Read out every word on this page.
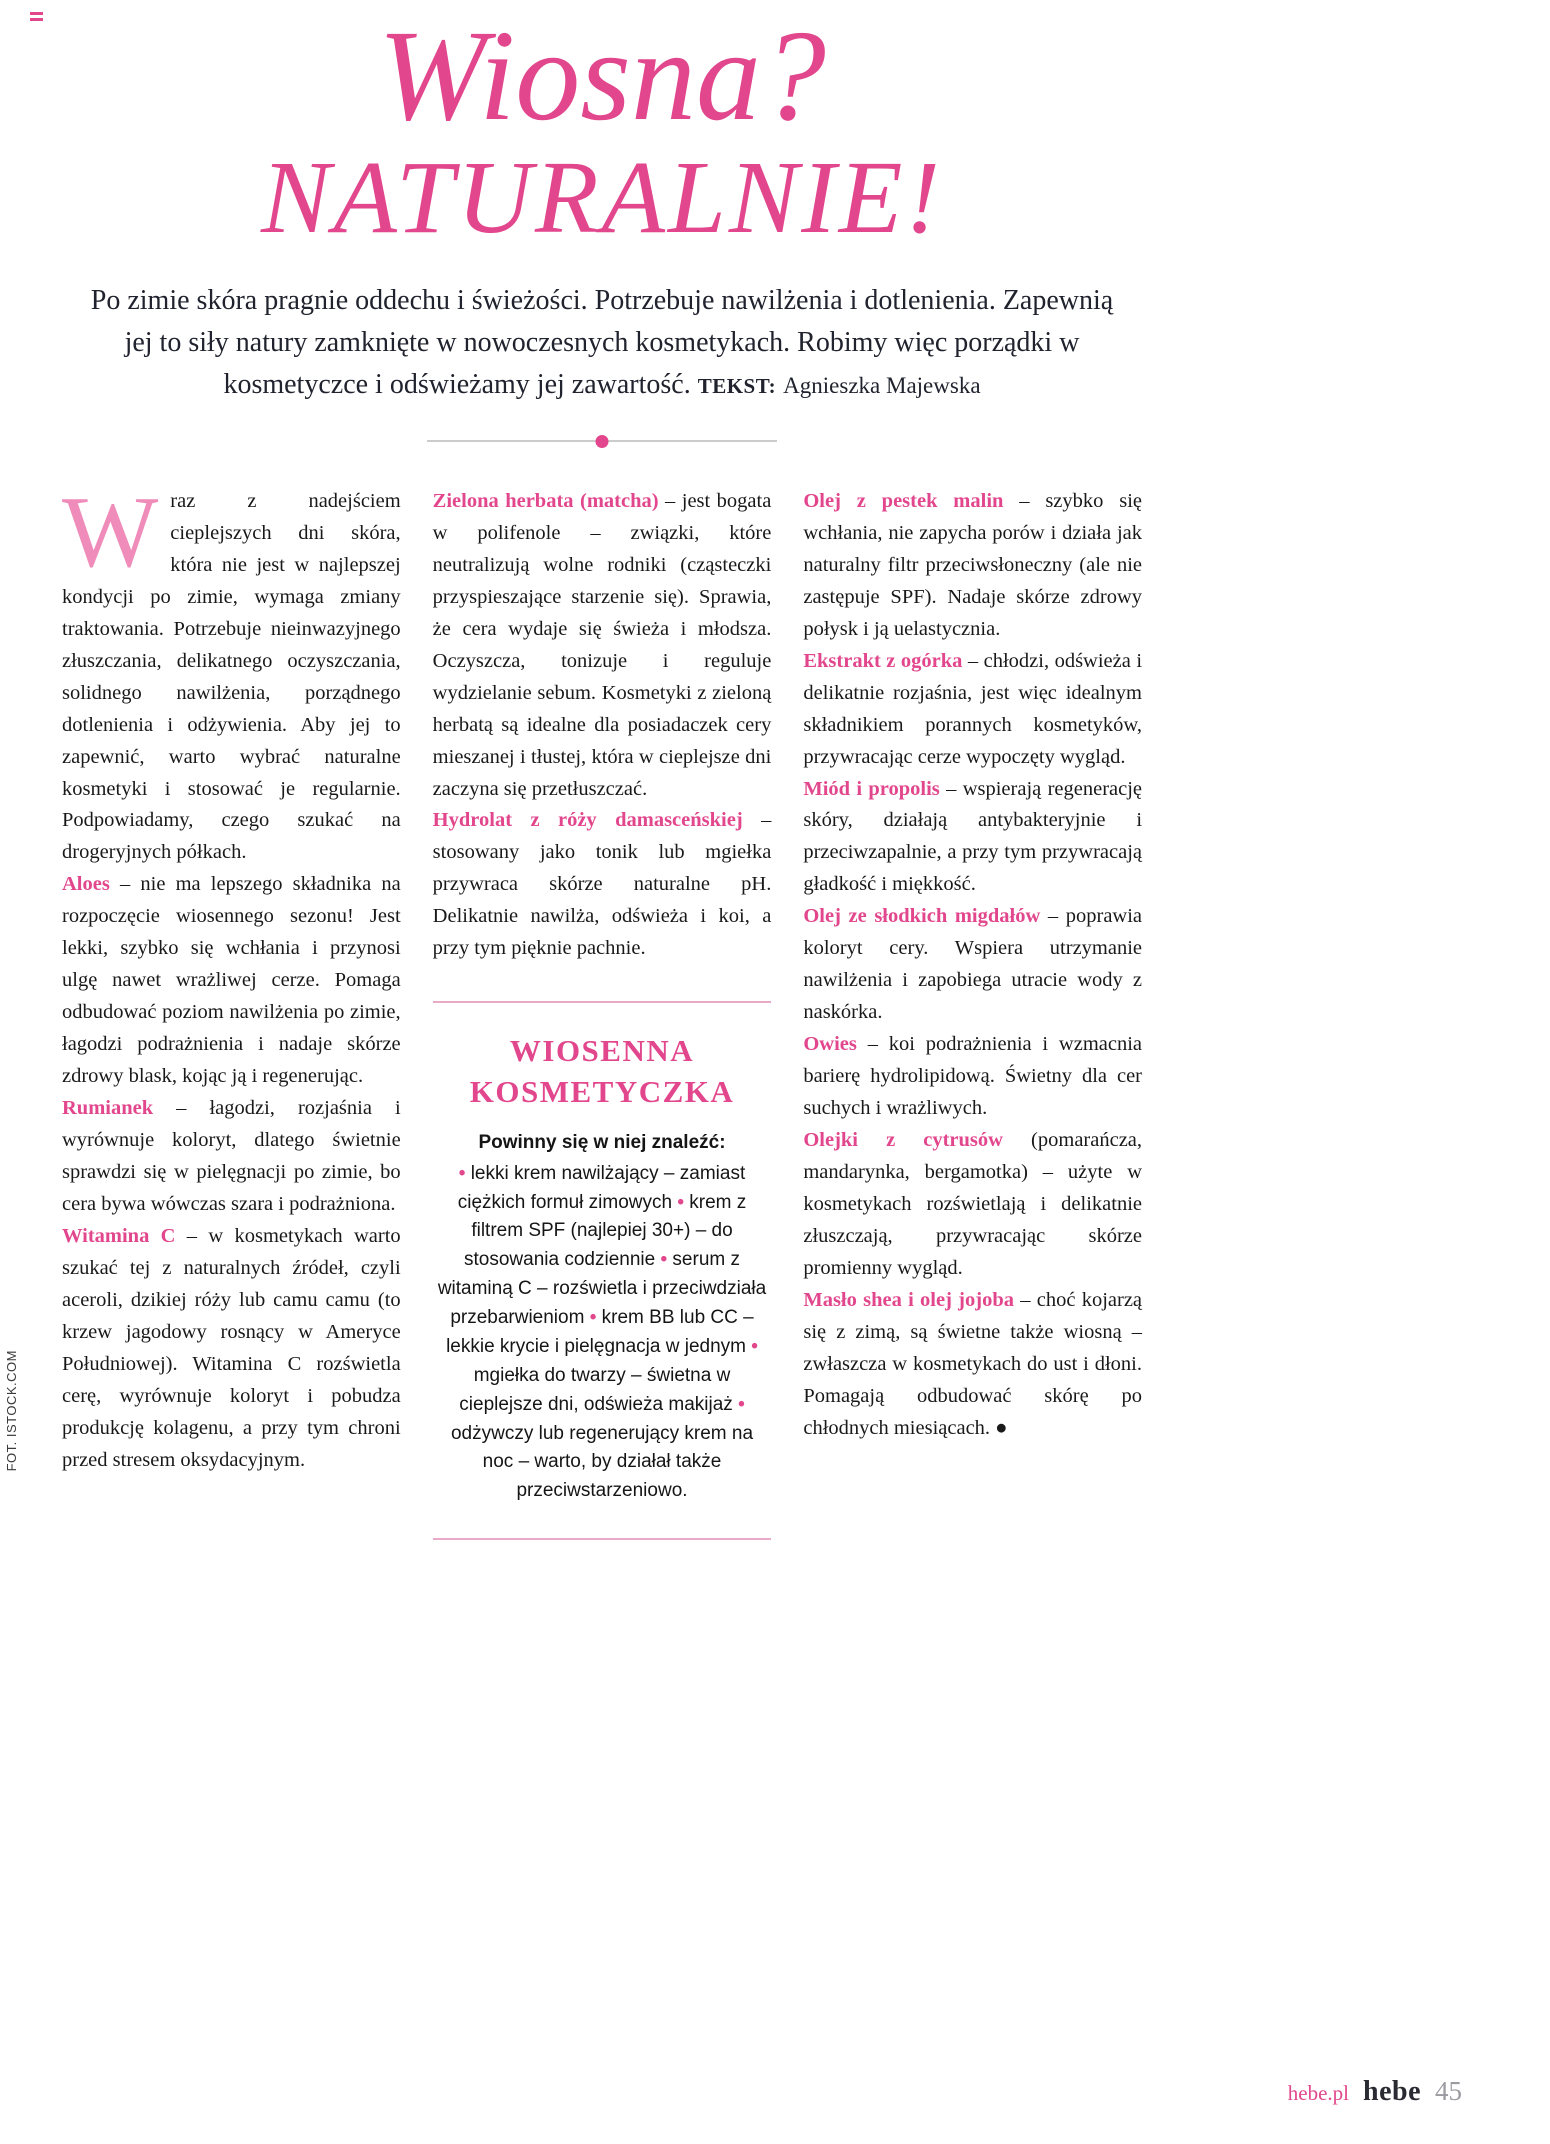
Wiosna?
NATURALNIE!

Po zimie skóra pragnie oddechu i świeżości. Potrzebuje nawilżenia i dotlenienia. Zapewnią jej to siły natury zamknięte w nowoczesnych kosmetykach. Robimy więc porządki w kosmetyczce i odświeżamy jej zawartość. TEKST: Agnieszka Majewska

Wraz z nadejściem cieplejszych dni skóra, która nie jest w najlepszej kondycji po zimie, wymaga zmiany traktowania. Potrzebuje nieinwazyjnego złuszczania, delikatnego oczyszczania, solidnego nawilżenia, porządnego dotlenienia i odżywienia. Aby jej to zapewnić, warto wybrać naturalne kosmetyki i stosować je regularnie. Podpowiadamy, czego szukać na drogeryjnych półkach.

Aloes – nie ma lepszego składnika na rozpoczęcie wiosennego sezonu! Jest lekki, szybko się wchłania i przynosi ulgę nawet wrażliwej cerze. Pomaga odbudować poziom nawilżenia po zimie, łagodzi podrażnienia i nadaje skórze zdrowy blask, kojąc ją i regenerując.

Rumianek – łagodzi, rozjaśnia i wyrównuje koloryt, dlatego świetnie sprawdzi się w pielęgnacji po zimie, bo cera bywa wówczas szara i podrażniona.

Witamina C – w kosmetykach warto szukać tej z naturalnych źródeł, czyli aceroli, dzikiej róży lub camu camu (to krzew jagodowy rosnący w Ameryce Południowej). Witamina C rozświetla cerę, wyrównuje koloryt i pobudza produkcję kolagenu, a przy tym chroni przed stresem oksydacyjnym.

Zielona herbata (matcha) – jest bogata w polifenole – związki, które neutralizują wolne rodniki (cząsteczki przyspieszające starzenie się). Sprawia, że cera wydaje się świeża i młodsza. Oczyszcza, tonizuje i reguluje wydzielanie sebum. Kosmetyki z zieloną herbatą są idealne dla posiadaczek cery mieszanej i tłustej, która w cieplejsze dni zaczyna się przetłuszczać.

Hydrolat z róży damasceńskiej – stosowany jako tonik lub mgiełka przywraca skórze naturalne pH. Delikatnie nawilża, odświeża i koi, a przy tym pięknie pachnie.

WIOSENNA
KOSMETYCZKA

Powinny się w niej znaleźć:

• lekki krem nawilżający – zamiast ciężkich formuł zimowych • krem z filtrem SPF (najlepiej 30+) – do stosowania codziennie • serum z witaminą C – rozświetla i przeciwdziała przebarwieniom • krem BB lub CC – lekkie krycie i pielęgnacja w jednym • mgiełka do twarzy – świetna w cieplejsze dni, odświeża makijaż • odżywczy lub regenerujący krem na noc – warto, by działał także przeciwstarzeniowo.

Olej z pestek malin – szybko się wchłania, nie zapycha porów i działa jak naturalny filtr przeciwsłoneczny (ale nie zastępuje SPF). Nadaje skórze zdrowy połysk i ją uelastycznia.

Ekstrakt z ogórka – chłodzi, odświeża i delikatnie rozjaśnia, jest więc idealnym składnikiem porannych kosmetyków, przywracając cerze wypoczęty wygląd.

Miód i propolis – wspierają regenerację skóry, działają antybakteryjnie i przeciwzapalnie, a przy tym przywracają gładkość i miękkość.

Olej ze słodkich migdałów – poprawia koloryt cery. Wspiera utrzymanie nawilżenia i zapobiega utracie wody z naskórka.

Owies – koi podrażnienia i wzmacnia barierę hydrolipidową. Świetny dla cer suchych i wrażliwych.

Olejki z cytrusów (pomarańcza, mandarynka, bergamotka) – użyte w kosmetykach rozświetlają i delikatnie złuszczają, przywracając skórze promienny wygląd.

Masło shea i olej jojoba – choć kojarzą się z zimą, są świetne także wiosną – zwłaszcza w kosmetykach do ust i dłoni. Pomagają odbudować skórę po chłodnych miesiącach. ●

FOT. ISTOCK.COM
hebe.pl hebe 45
